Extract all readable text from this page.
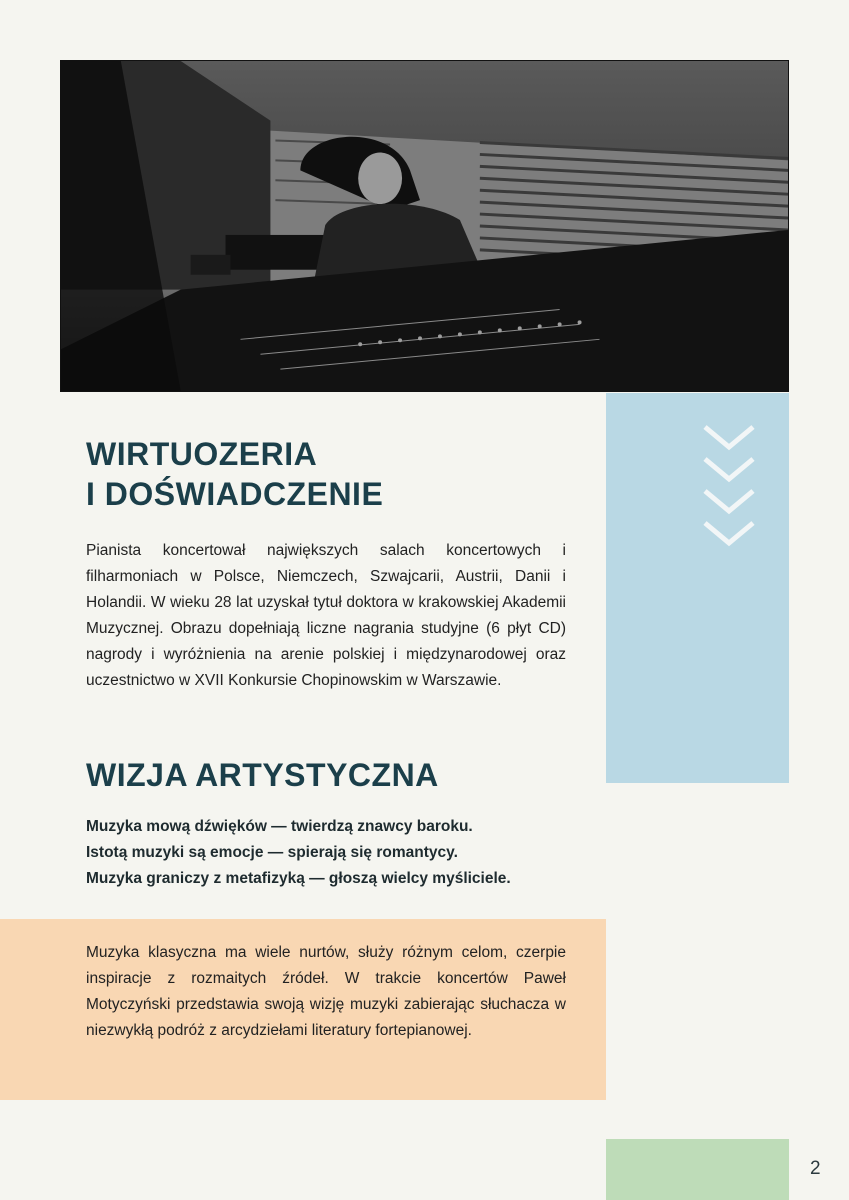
WIRTUOZERIA
I DOŚWIADCZENIE

Pianista koncertował największych salach koncertowych i filharmoniach w Polsce, Niemczech, Szwajcarii, Austrii, Danii i Holandii. W wieku 28 lat uzyskał tytuł doktora w krakowskiej Akademii Muzycznej. Obrazu dopełniają liczne nagrania studyjne (6 płyt CD) nagrody i wyróżnienia na arenie polskiej i międzynarodowej oraz uczestnictwo w XVII Konkursie Chopinowskim w Warszawie.

WIZJA ARTYSTYCZNA
Muzyka mową dźwięków — twierdzą znawcy baroku.
Istotą muzyki są emocje — spierają się romantycy.
Muzyka graniczy z metafizyką — głoszą wielcy myśliciele.

Muzyka klasyczna ma wiele nurtów, służy różnym celom, czerpie inspiracje z rozmaitych źródeł. W trakcie koncertów Paweł Motyczyński przedstawia swoją wizję muzyki zabierając słuchacza w niezwykłą podróż z arcydziełami literatury fortepianowej.

2
